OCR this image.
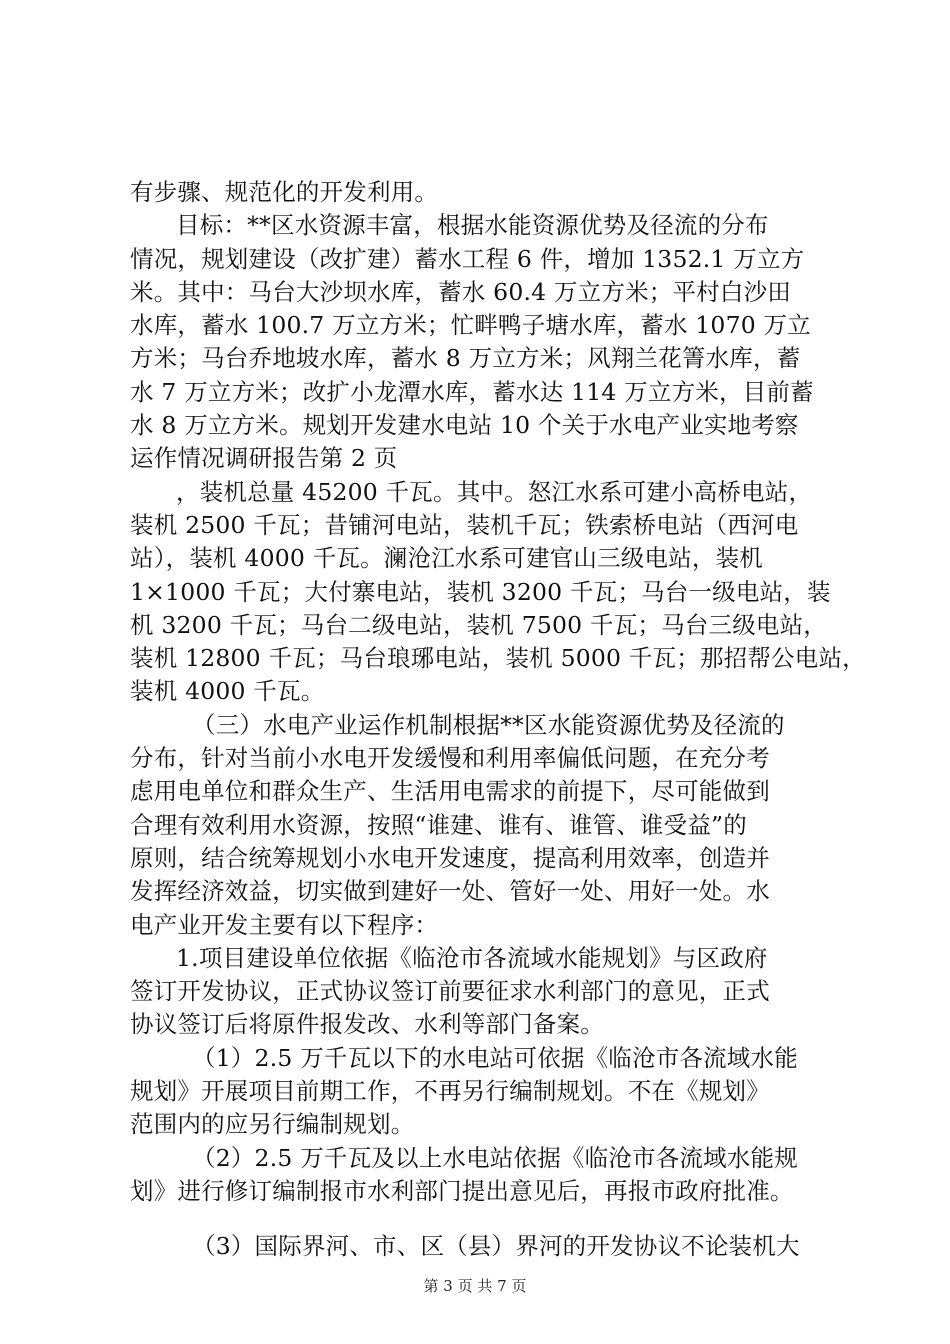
有步骤、规范化的开发利用。
目标：**区水资源丰富，根据水能资源优势及径流的分布
情况，规划建设（改扩建）蓄水工程 6 件，增加 1352.1 万立方
米。其中：马台大沙坝水库，蓄水 60.4 万立方米；平村白沙田
水库，蓄水 100.7 万立方米；忙畔鸭子塘水库，蓄水 1070 万立
方米；马台乔地坡水库，蓄水 8 万立方米；风翔兰花箐水库，蓄
水 7 万立方米；改扩小龙潭水库，蓄水达 114 万立方米，目前蓄
水 8 万立方米。规划开发建水电站 10 个关于水电产业实地考察
运作情况调研报告第 2 页
，装机总量 45200 千瓦。其中。怒江水系可建小高桥电站，
装机 2500 千瓦；昔铺河电站，装机千瓦；铁索桥电站（西河电
站），装机 4000 千瓦。澜沧江水系可建官山三级电站，装机
1×1000 千瓦；大付寨电站，装机 3200 千瓦；马台一级电站，装
机 3200 千瓦；马台二级电站，装机 7500 千瓦；马台三级电站，
装机 12800 千瓦；马台琅琊电站，装机 5000 千瓦；那招帮公电站，
装机 4000 千瓦。
（三）水电产业运作机制根据**区水能资源优势及径流的
分布，针对当前小水电开发缓慢和利用率偏低问题，在充分考
虑用电单位和群众生产、生活用电需求的前提下，尽可能做到
合理有效利用水资源，按照“谁建、谁有、谁管、谁受益”的
原则，结合统筹规划小水电开发速度，提高利用效率，创造并
发挥经济效益，切实做到建好一处、管好一处、用好一处。水
电产业开发主要有以下程序：
1.项目建设单位依据《临沧市各流域水能规划》与区政府
签订开发协议，正式协议签订前要征求水利部门的意见，正式
协议签订后将原件报发改、水利等部门备案。
（1）2.5 万千瓦以下的水电站可依据《临沧市各流域水能
规划》开展项目前期工作，不再另行编制规划。不在《规划》
范围内的应另行编制规划。
（2）2.5 万千瓦及以上水电站依据《临沧市各流域水能规
划》进行修订编制报市水利部门提出意见后，再报市政府批准。
（3）国际界河、市、区（县）界河的开发协议不论装机大
第 3 页 共 7 页
